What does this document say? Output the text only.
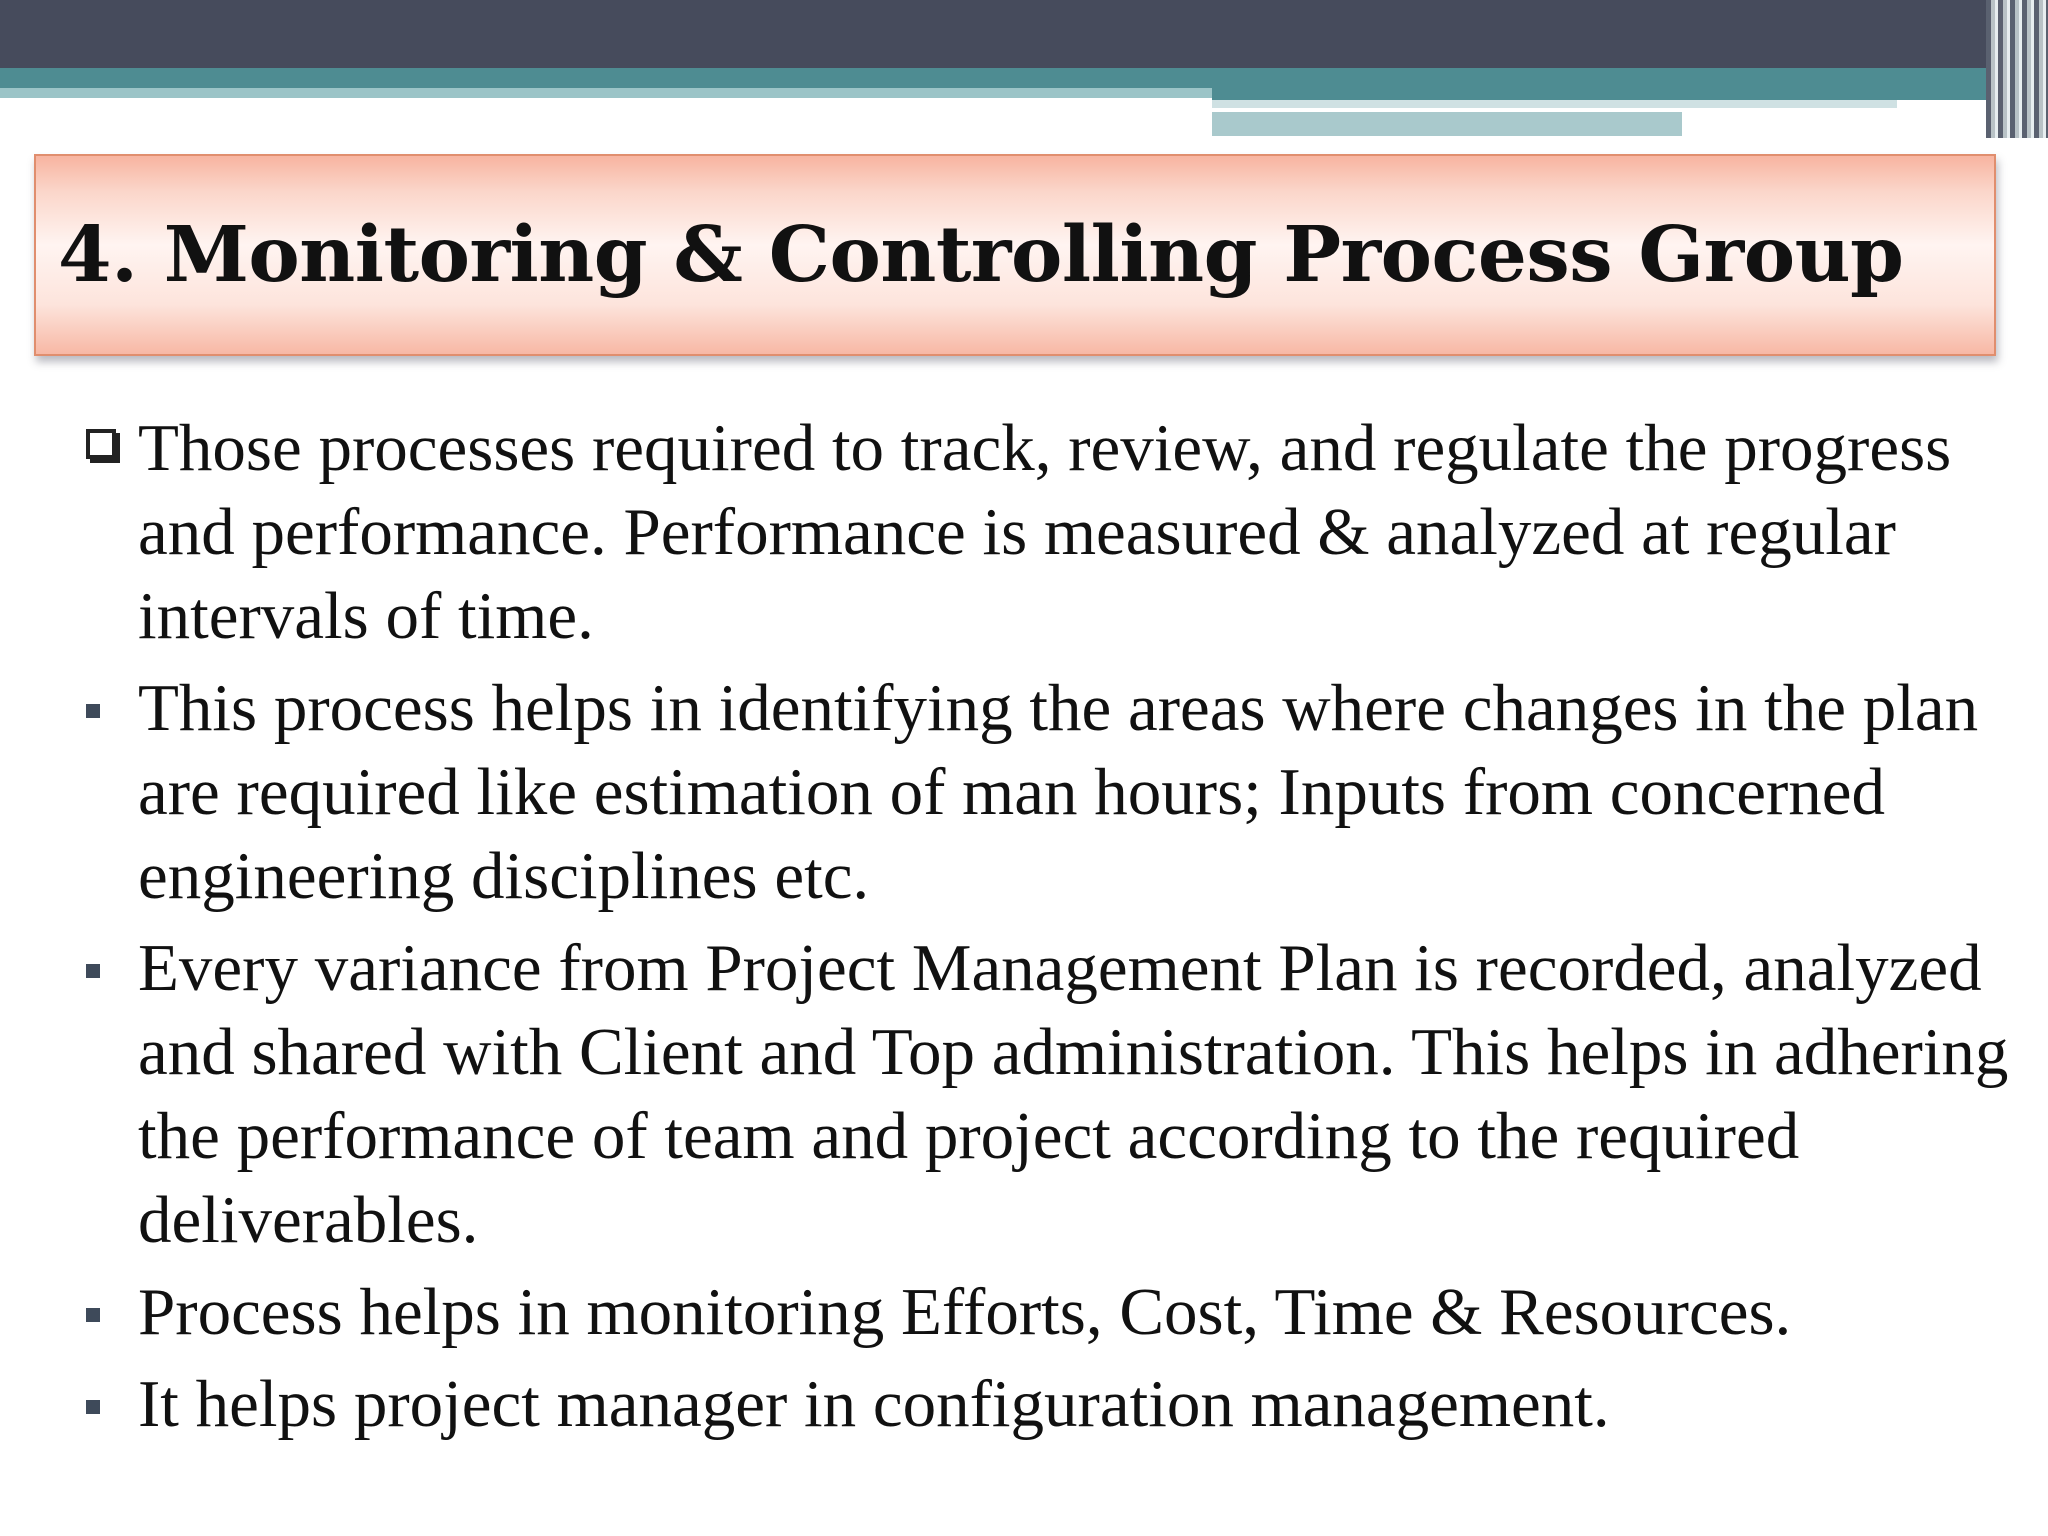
4. Monitoring & Controlling Process Group
Those processes required to track, review, and regulate the progress and performance. Performance is measured & analyzed at regular intervals of time.
This process helps in identifying the areas where changes in the plan are required like estimation of man hours; Inputs from concerned engineering disciplines etc.
Every variance from Project Management Plan is recorded, analyzed and shared with Client and Top administration. This helps in adhering the performance of team and project according to the required deliverables.
Process helps in monitoring Efforts, Cost, Time & Resources.
It helps project manager in configuration management.
